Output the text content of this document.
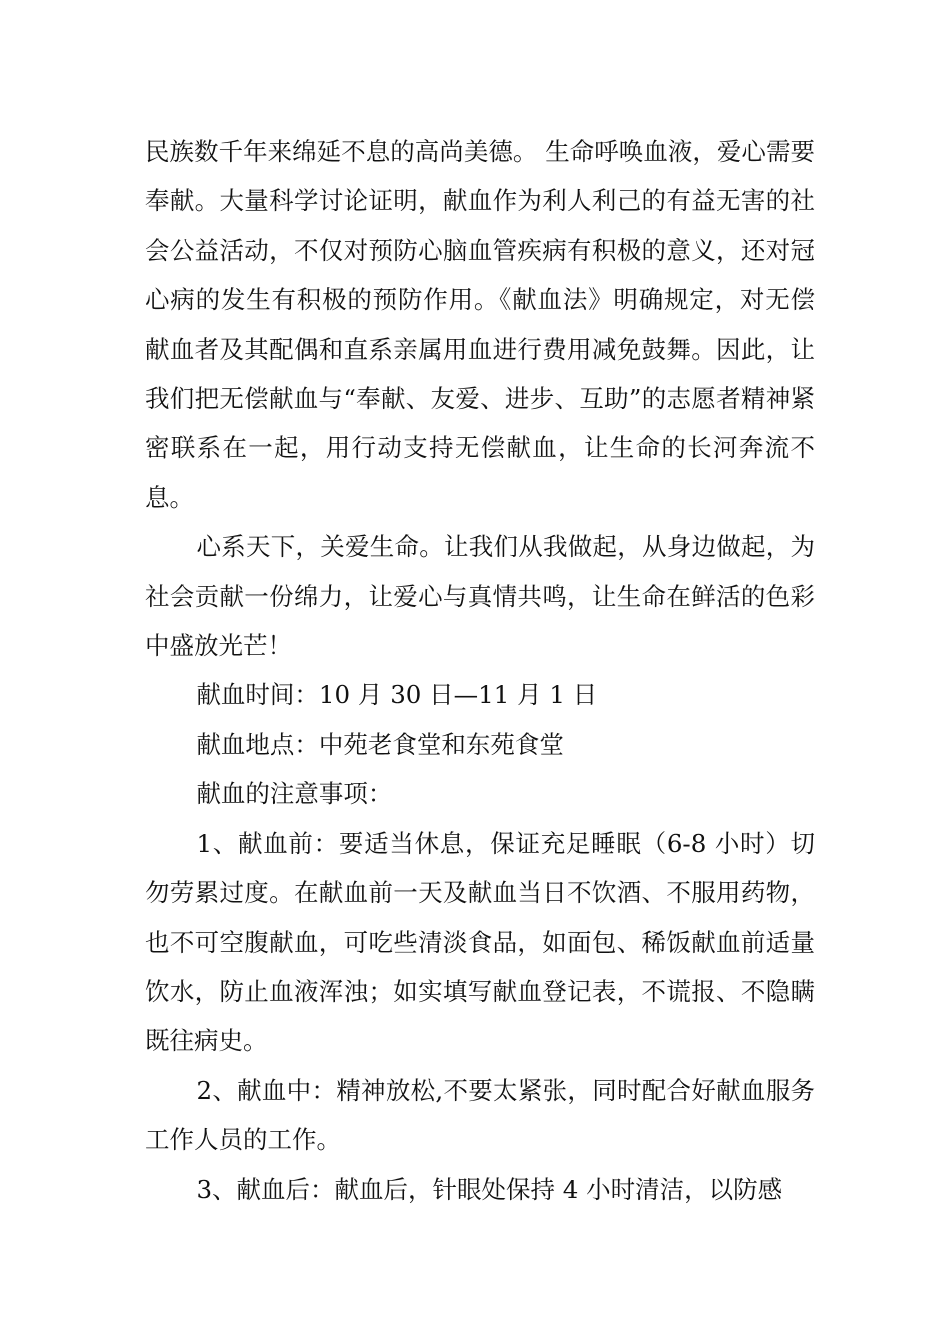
民族数千年来绵延不息的高尚美德。 生命呼唤血液，爱心需要奉献。大量科学讨论证明，献血作为利人利己的有益无害的社会公益活动，不仅对预防心脑血管疾病有积极的意义，还对冠心病的发生有积极的预防作用。《献血法》明确规定，对无偿献血者及其配偶和直系亲属用血进行费用减免鼓舞。因此，让我们把无偿献血与“奉献、友爱、进步、互助”的志愿者精神紧密联系在一起，用行动支持无偿献血，让生命的长河奔流不息。

心系天下，关爱生命。让我们从我做起，从身边做起，为社会贡献一份绵力，让爱心与真情共鸣，让生命在鲜活的色彩中盛放光芒！

献血时间：10 月 30 日—11 月 1 日

献血地点：中苑老食堂和东苑食堂

献血的注意事项：

1、献血前：要适当休息，保证充足睡眠（6-8 小时）切勿劳累过度。在献血前一天及献血当日不饮酒、不服用药物，也不可空腹献血，可吃些清淡食品，如面包、稀饭献血前适量饮水，防止血液浑浊；如实填写献血登记表，不谎报、不隐瞒既往病史。

2、献血中：精神放松,不要太紧张，同时配合好献血服务工作人员的工作。

3、献血后：献血后，针眼处保持 4 小时清洁，以防感
